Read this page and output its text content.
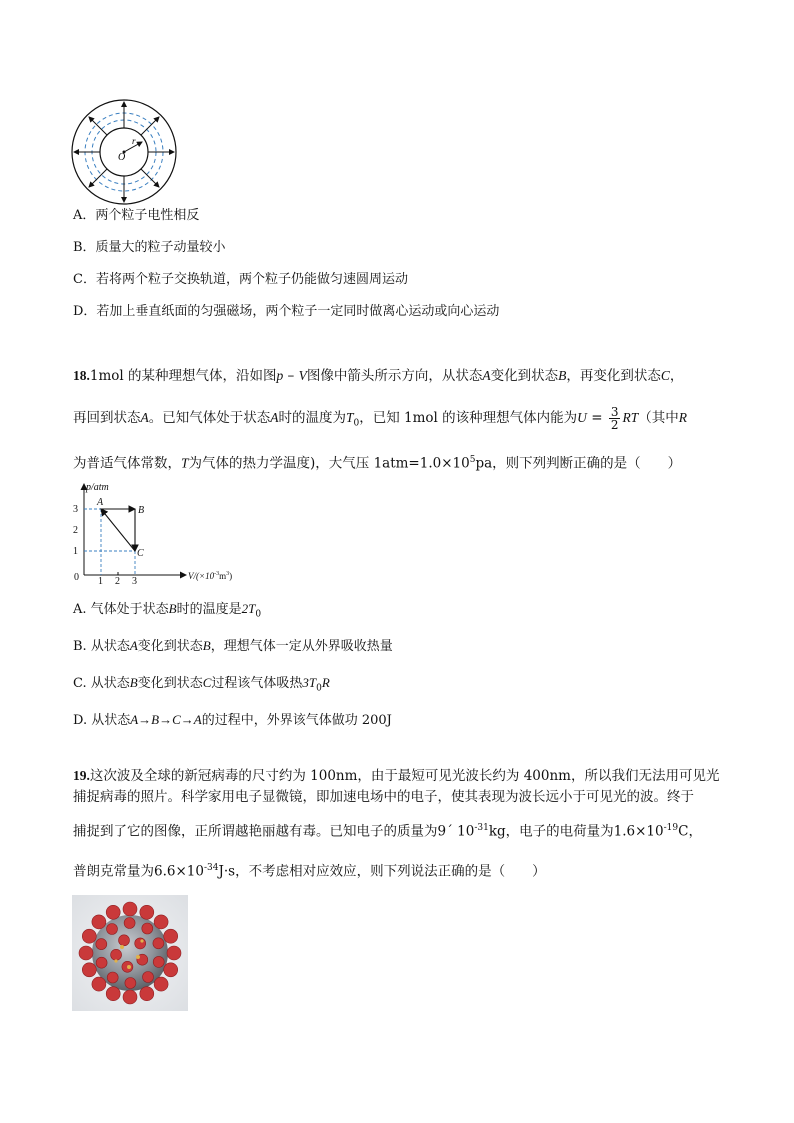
O
r
A．两个粒子电性相反
B．质量大的粒子动量较小
C．若将两个粒子交换轨道，两个粒子仍能做匀速圆周运动
D．若加上垂直纸面的匀强磁场，两个粒子一定同时做离心运动或向心运动
18.1mol 的某种理想气体，沿如图p – V图像中箭头所示方向，从状态A变化到状态B，再变化到状态C，
再回到状态A。已知气体处于状态A时的温度为$T_0$，已知 1mol 的该种理想气体内能为$U = \frac{3}{2} RT$（其中R
为普适气体常数，T为气体的热力学温度)，大气压 $1atm=1.0\times 10^5pa$，则下列判断正确的是（　　）
p/atm
3
2
1
0 1 2 3
A
B
C
$V/(\times 10^{-3}m^3)$
A. 气体处于状态B时的温度是$2T_0$
B. 从状态A变化到状态B，理想气体一定从外界吸收热量
C. 从状态B变化到状态C过程该气体吸热$3T_0R$
D. 从状态A→B→C→A的过程中，外界该气体做功 200J
19.这次波及全球的新冠病毒的尺寸约为 100nm，由于最短可见光波长约为 400nm，所以我们无法用可见光
捕捉病毒的照片。科学家用电子显微镜，即加速电场中的电子，使其表现为波长远小于可见光的波。终于
捕捉到了它的图像，正所谓越艳丽越有毒。已知电子的质量为9´ $10^{-31}kg$，电子的电荷量为$1.6\times 10^{-19}C$，
普朗克常量为$6.6\times 10^{-34}J\cdot s$，不考虑相对应效应，则下列说法正确的是（　　）
